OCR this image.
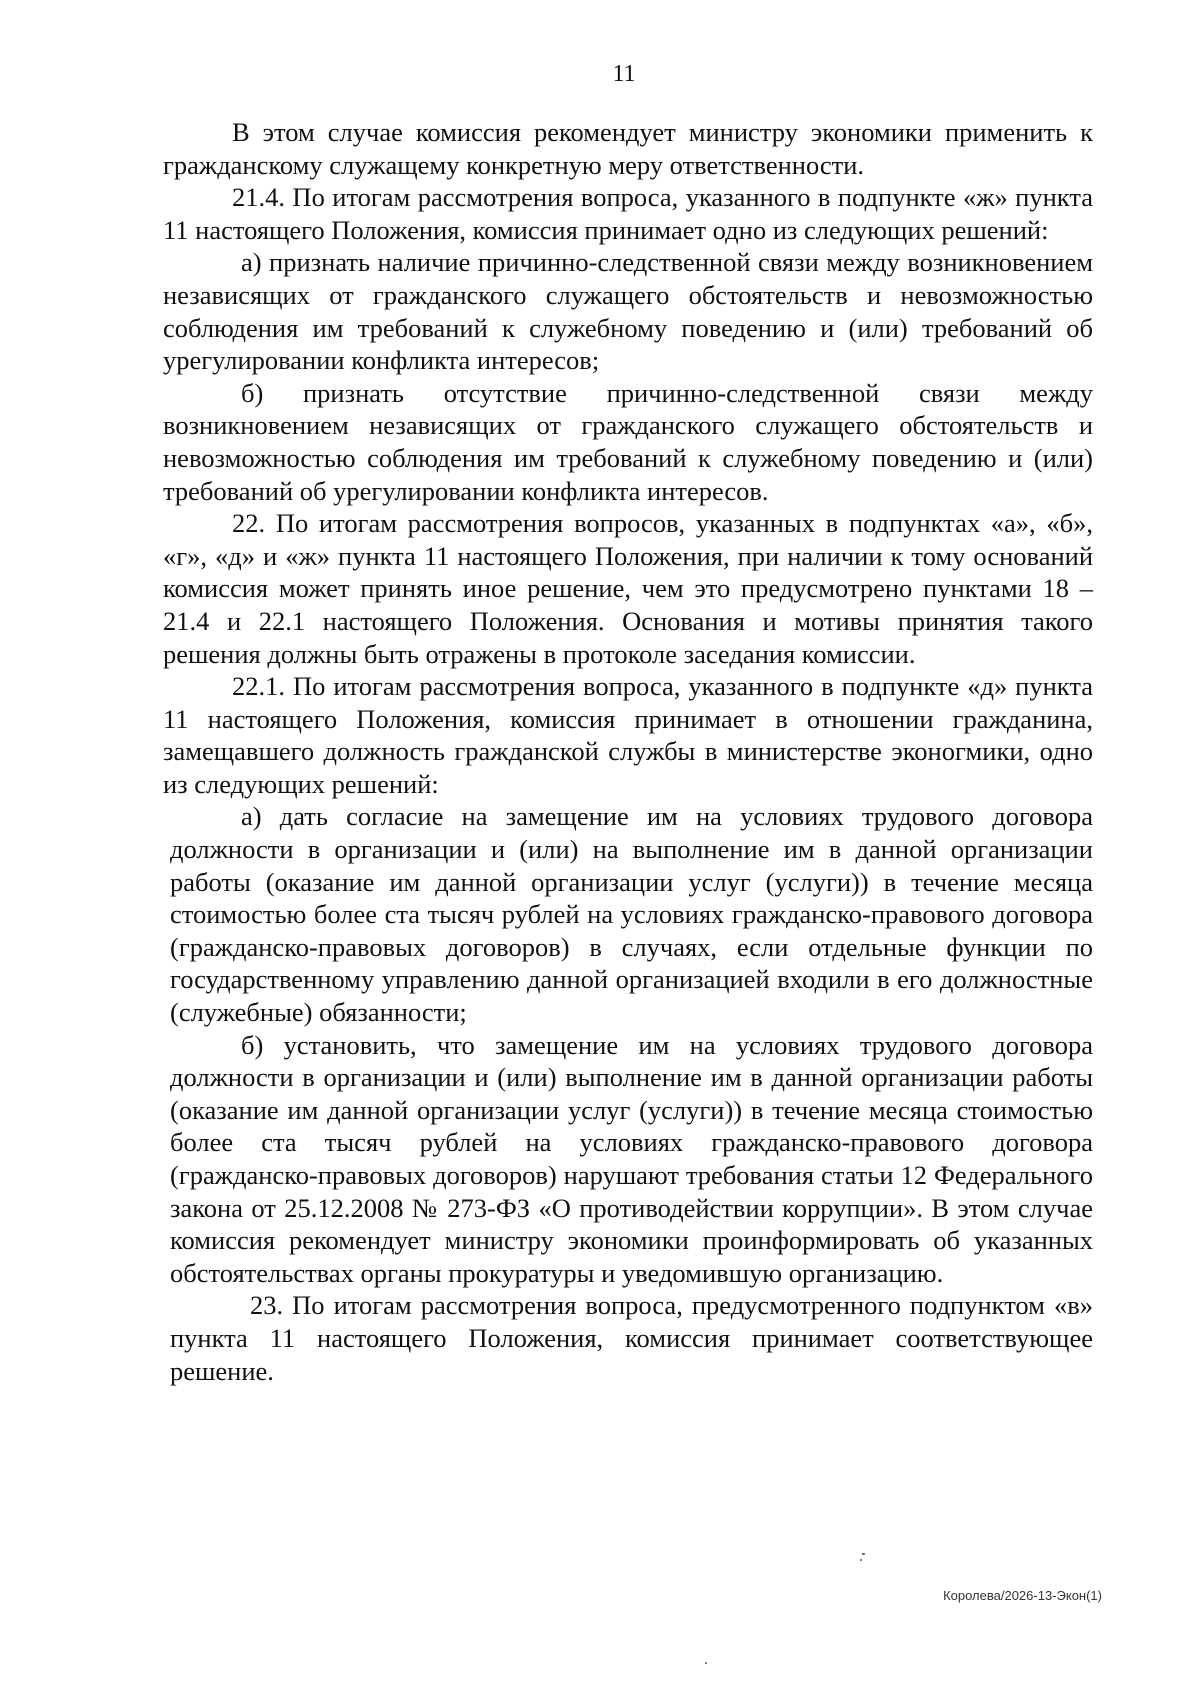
11

В этом случае комиссия рекомендует министру экономики применить к гражданскому служащему конкретную меру ответственности.

21.4. По итогам рассмотрения вопроса, указанного в подпункте «ж» пункта 11 настоящего Положения, комиссия принимает одно из следующих решений:

а) признать наличие причинно-следственной связи между возникновением независящих от гражданского служащего обстоятельств и невозможностью соблюдения им требований к служебному поведению и (или) требований об урегулировании конфликта интересов;

б) признать отсутствие причинно-следственной связи между возникновением независящих от гражданского служащего обстоятельств и невозможностью соблюдения им требований к служебному поведению и (или) требований об урегулировании конфликта интересов.

22. По итогам рассмотрения вопросов, указанных в подпунктах «а», «б», «г», «д» и «ж» пункта 11 настоящего Положения, при наличии к тому оснований комиссия может принять иное решение, чем это предусмотрено пунктами 18 – 21.4 и 22.1 настоящего Положения. Основания и мотивы принятия такого решения должны быть отражены в протоколе заседания комиссии.

22.1. По итогам рассмотрения вопроса, указанного в подпункте «д» пункта 11 настоящего Положения, комиссия принимает в отношении гражданина, замещавшего должность гражданской службы в министерстве эконогмики, одно из следующих решений:

а) дать согласие на замещение им на условиях трудового договора должности в организации и (или) на выполнение им в данной организации работы (оказание им данной организации услуг (услуги)) в течение месяца стоимостью более ста тысяч рублей на условиях гражданско-правового договора (гражданско-правовых договоров) в случаях, если отдельные функции по государственному управлению данной организацией входили в его должностные (служебные) обязанности;

б) установить, что замещение им на условиях трудового договора должности в организации и (или) выполнение им в данной организации работы (оказание им данной организации услуг (услуги)) в течение месяца стоимостью более ста тысяч рублей на условиях гражданско-правового договора (гражданско-правовых договоров) нарушают требования статьи 12 Федерального закона от 25.12.2008 № 273-ФЗ «О противодействии коррупции». В этом случае комиссия рекомендует министру экономики проинформировать об указанных обстоятельствах органы прокуратуры и уведомившую организацию.

23. По итогам рассмотрения вопроса, предусмотренного подпунктом «в» пункта 11 настоящего Положения, комиссия принимает соответствующее решение.

Королева/2026-13-Экон(1)
